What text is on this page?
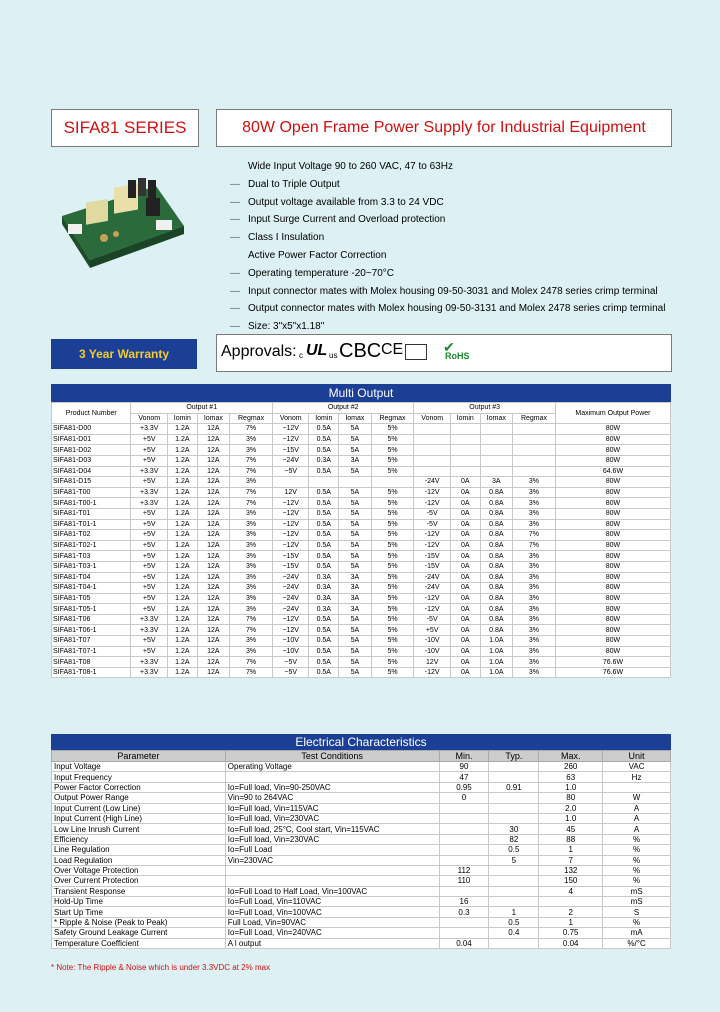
SIFA81 SERIES	80W Open Frame Power Supply for Industrial Equipment
Wide Input Voltage 90 to 260 VAC, 47 to 63Hz
— Dual to Triple Output
— Output voltage available from 3.3 to 24 VDC
— Input Surge Current and Overload protection
— Class I Insulation
Active Power Factor Correction
— Operating temperature -20~70°C
— Input connector mates with Molex housing 09-50-3031 and Molex 2478 series crimp terminal
— Output connector mates with Molex housing 09-50-3131 and Molex 2478 series crimp terminal
— Size: 3"x5"x1.18"
3 Year Warranty	Approvals: c UL us CBC CE	✔
RoHS
Multi Output
Product Number	Output #1				Output #2				Output #3				Maximum Output Power
	Vonom	Iomin	Iomax	Regmax	Vonom	Iomin	Iomax	Regmax	Vonom	Iomin	Iomax	Regmax	
SIFA81-D00	+3.3V	1.2A	12A	7%	−12V	0.5A	5A	5%					80W
SIFA81-D01	+5V	1.2A	12A	3%	−12V	0.5A	5A	5%					80W
SIFA81-D02	+5V	1.2A	12A	3%	−15V	0.5A	5A	5%					80W
SIFA81-D03	+5V	1.2A	12A	7%	−24V	0.3A	3A	5%					80W
SIFA81-D04	+3.3V	1.2A	12A	7%	−5V	0.5A	5A	5%					64.6W
SIFA81-D15	+5V	1.2A	12A	3%					-24V	0A	3A	3%	80W
SIFA81-T00	+3.3V	1.2A	12A	7%	12V	0.5A	5A	5%	-12V	0A	0.8A	3%	80W
SIFA81-T00-1	+3.3V	1.2A	12A	7%	−12V	0.5A	5A	5%	-12V	0A	0.8A	3%	80W
SIFA81-T01	+5V	1.2A	12A	3%	−12V	0.5A	5A	5%	-5V	0A	0.8A	3%	80W
SIFA81-T01-1	+5V	1.2A	12A	3%	−12V	0.5A	5A	5%	-5V	0A	0.8A	3%	80W
SIFA81-T02	+5V	1.2A	12A	3%	−12V	0.5A	5A	5%	-12V	0A	0.8A	7%	80W
SIFA81-T02-1	+5V	1.2A	12A	3%	−12V	0.5A	5A	5%	-12V	0A	0.8A	7%	80W
SIFA81-T03	+5V	1.2A	12A	3%	−15V	0.5A	5A	5%	-15V	0A	0.8A	3%	80W
SIFA81-T03-1	+5V	1.2A	12A	3%	−15V	0.5A	5A	5%	-15V	0A	0.8A	3%	80W
SIFA81-T04	+5V	1.2A	12A	3%	−24V	0.3A	3A	5%	-24V	0A	0.8A	3%	80W
SIFA81-T04-1	+5V	1.2A	12A	3%	−24V	0.3A	3A	5%	-24V	0A	0.8A	3%	80W
SIFA81-T05	+5V	1.2A	12A	3%	−24V	0.3A	3A	5%	-12V	0A	0.8A	3%	80W
SIFA81-T05-1	+5V	1.2A	12A	3%	−24V	0.3A	3A	5%	-12V	0A	0.8A	3%	80W
SIFA81-T06	+3.3V	1.2A	12A	7%	−12V	0.5A	5A	5%	-5V	0A	0.8A	3%	80W
SIFA81-T06-1	+3.3V	1.2A	12A	7%	−12V	0.5A	5A	5%	+5V	0A	0.8A	3%	80W
SIFA81-T07	+5V	1.2A	12A	3%	−10V	0.5A	5A	5%	-10V	0A	1.0A	3%	80W
SIFA81-T07-1	+5V	1.2A	12A	3%	−10V	0.5A	5A	5%	-10V	0A	1.0A	3%	80W
SIFA81-T08	+3.3V	1.2A	12A	7%	−5V	0.5A	5A	5%	12V	0A	1.0A	3%	76.6W
SIFA81-T08-1	+3.3V	1.2A	12A	7%	−5V	0.5A	5A	5%	-12V	0A	1.0A	3%	76.6W
Electrical Characteristics
Parameter	Test Conditions	Min.	Typ.	Max.	Unit
Input Voltage	Operating Voltage	90		260	VAC
Input Frequency		47		63	Hz
Power Factor Correction	Io=Full load, Vin=90-250VAC	0.95	0.91	1.0	
Output Power Range	Vin=90 to 264VAC	0		80	W
Input Current (Low Line)	Io=Full load, Vin=115VAC			2.0	A
Input Current (High Line)	Io=Full load, Vin=230VAC			1.0	A
Low Line Inrush Current	Io=Full load, 25°C, Cool start, Vin=115VAC		30	45	A
Efficiency	Io=Full load, Vin=230VAC		82	88	%
Line Regulation	Io=Full Load		0.5	1	%
Load Regulation	Vin=230VAC		5	7	%
Over Voltage Protection		112		132	%
Over Current Protection		110		150	%
Transient Response	Io=Full Load to Half Load, Vin=100VAC			4	mS
Hold-Up Time	Io=Full Load, Vin=110VAC	16			mS
Start Up Time	Io=Full Load, Vin=100VAC	0.3	1	2	S
* Ripple & Noise (Peak to Peak)	Full Load, Vin=90VAC		0.5	1	%
Safety Ground Leakage Current	Io=Full Load, Vin=240VAC		0.4	0.75	mA
Temperature Coefficient	A l output	0.04		0.04	%/°C
* Note: The Ripple & Noise which is under 3.3VDC at 2% max
